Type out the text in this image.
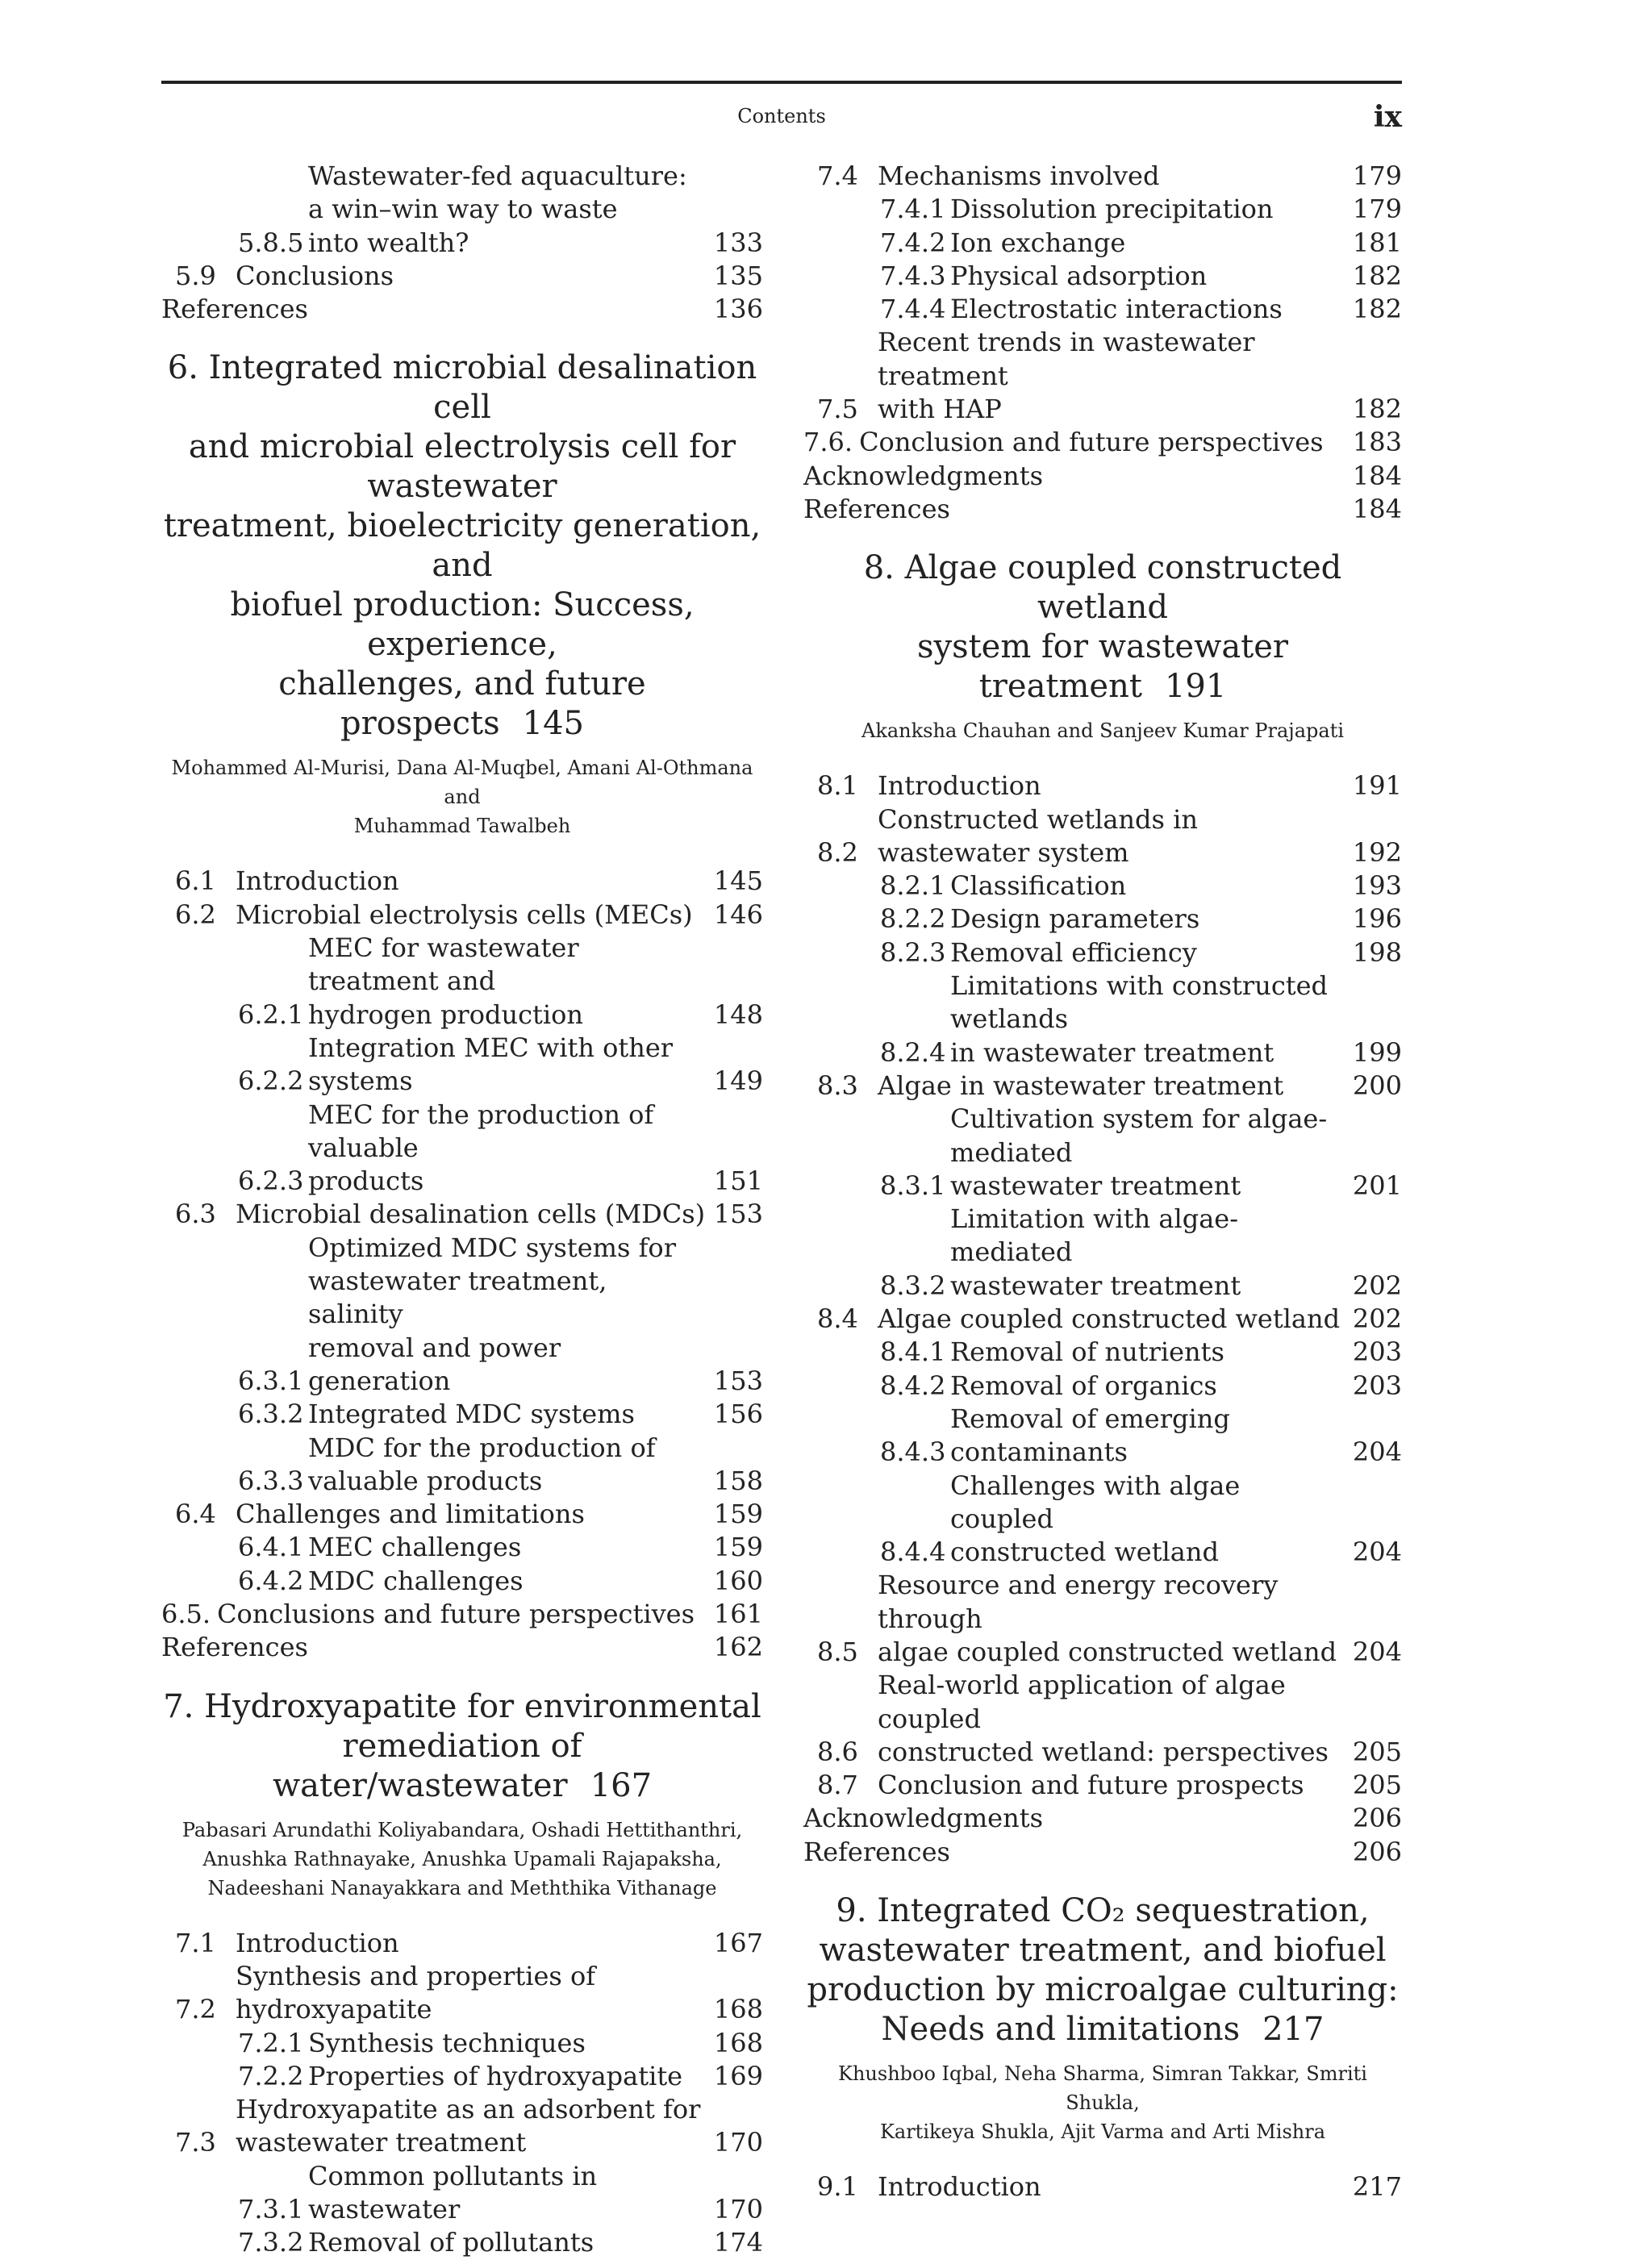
Contents	ix
5.8.5
Wastewater-fed aquaculture:
a win–win way to waste
into wealth?	133
5.9 Conclusions	135
References	136
6. Integrated microbial desalination cell
and microbial electrolysis cell for wastewater
treatment, bioelectricity generation, and
biofuel production: Success, experience,
challenges, and future prospects 145
Mohammed Al-Murisi, Dana Al-Muqbel, Amani Al-Othmana and
Muhammad Tawalbeh
6.1 Introduction	145
6.2 Microbial electrolysis cells (MECs) 146
6.2.1
MEC for wastewater treatment and
hydrogen production	148
6.2.2
Integration MEC with other systems	149
6.2.3
MEC for the production of valuable
products	151
6.3 Microbial desalination cells (MDCs) 153
6.3.1
Optimized MDC systems for
wastewater treatment, salinity
removal and power generation	153
6.3.2 Integrated MDC systems	156
6.3.3
MDC for the production of
valuable products	158
6.4 Challenges and limitations	159
6.4.1 MEC challenges	159
6.4.2 MDC challenges	160
6.5. Conclusions and future perspectives 161
References	162
7. Hydroxyapatite for environmental
remediation of water/wastewater 167
Pabasari Arundathi Koliyabandara, Oshadi Hettithanthri,
Anushka Rathnayake, Anushka Upamali Rajapaksha,
Nadeeshani Nanayakkara and Meththika Vithanage
7.1 Introduction	167
7.2
Synthesis and properties of hydroxyapatite	168
7.2.1 Synthesis techniques	168
7.2.2 Properties of hydroxyapatite	169
7.3
Hydroxyapatite as an adsorbent for
wastewater treatment	170
7.3.1
Common pollutants in wastewater	170
7.3.2 Removal of pollutants	174
7.4 Mechanisms involved	179
7.4.1 Dissolution precipitation	179
7.4.2 Ion exchange	181
7.4.3 Physical adsorption	182
7.4.4 Electrostatic interactions	182
7.5
Recent trends in wastewater treatment
with HAP	182
7.6. Conclusion and future perspectives	183
Acknowledgments	184
References	184
8. Algae coupled constructed wetland
system for wastewater treatment 191
Akanksha Chauhan and Sanjeev Kumar Prajapati
8.1 Introduction	191
8.2
Constructed wetlands in wastewater system	192
8.2.1 Classification	193
8.2.2 Design parameters	196
8.2.3 Removal efficiency	198
8.2.4
Limitations with constructed wetlands
in wastewater treatment	199
8.3 Algae in wastewater treatment	200
8.3.1
Cultivation system for algae-mediated
wastewater treatment	201
8.3.2
Limitation with algae-mediated
wastewater treatment	202
8.4 Algae coupled constructed wetland 202
8.4.1 Removal of nutrients	203
8.4.2 Removal of organics	203
8.4.3
Removal of emerging contaminants	204
8.4.4
Challenges with algae coupled
constructed wetland	204
8.5
Resource and energy recovery through
algae coupled constructed wetland 204
8.6
Real-world application of algae coupled
constructed wetland: perspectives 205
8.7 Conclusion and future prospects	205
Acknowledgments	206
References	206
9. Integrated CO₂ sequestration,
wastewater treatment, and biofuel
production by microalgae culturing:
Needs and limitations 217
Khushboo Iqbal, Neha Sharma, Simran Takkar, Smriti Shukla,
Kartikeya Shukla, Ajit Varma and Arti Mishra
9.1 Introduction	217
